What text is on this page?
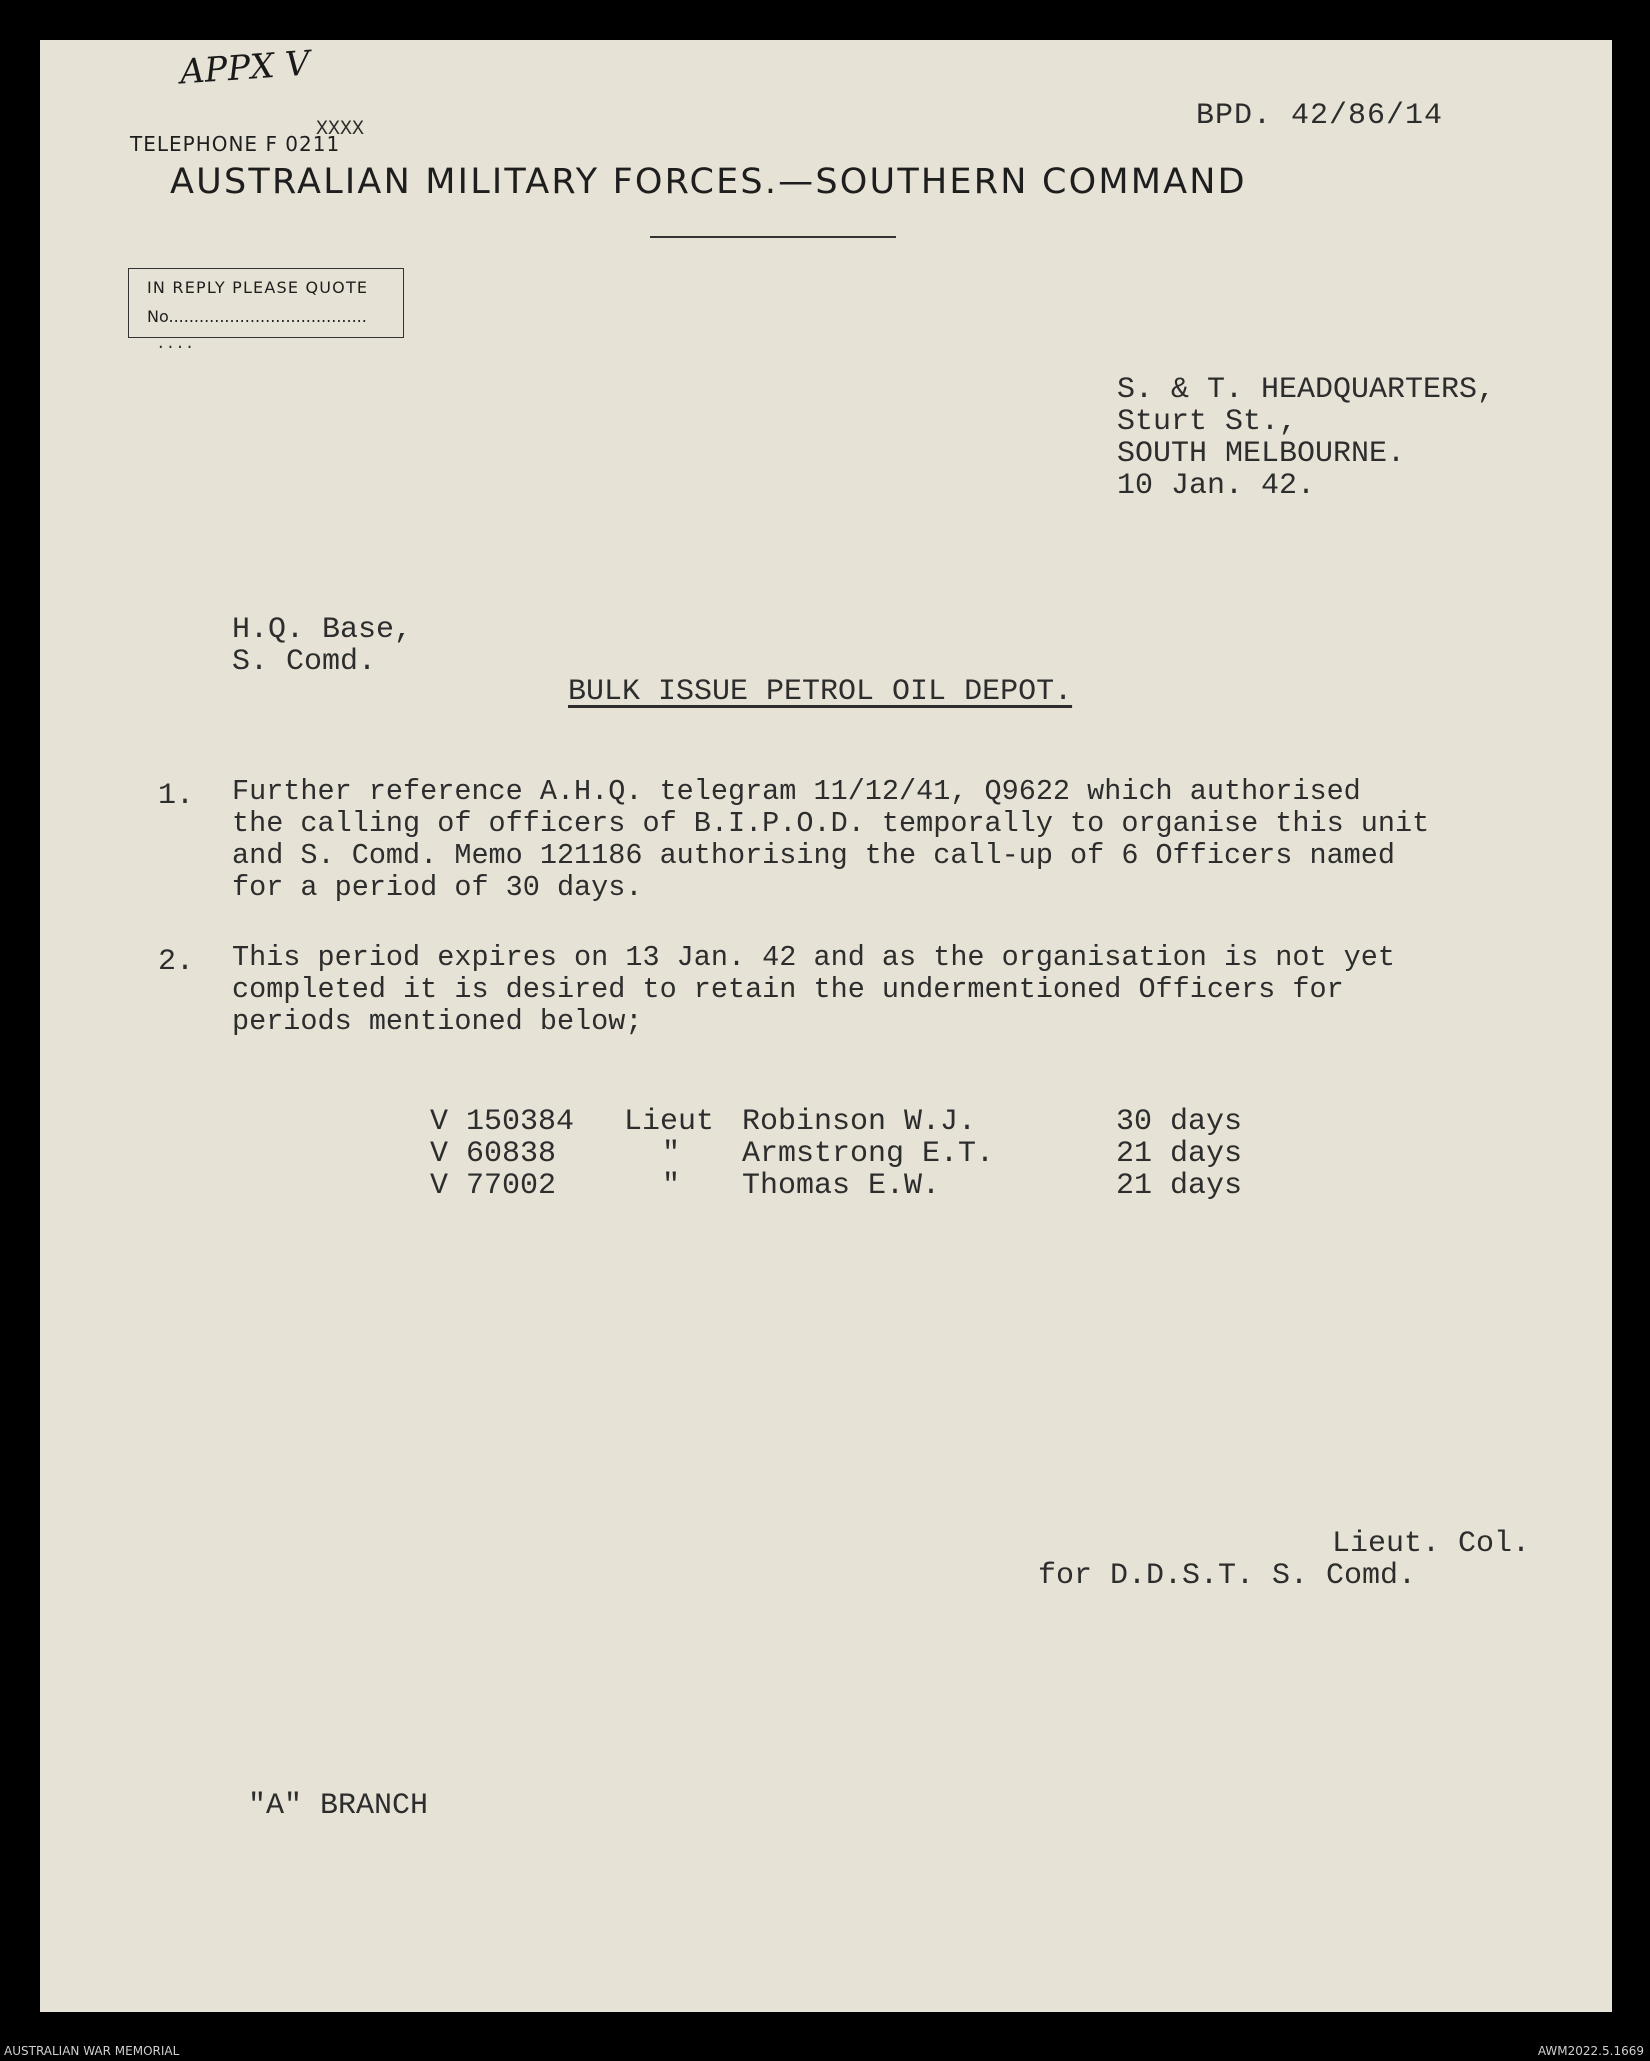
APPX V
BPD. 42/86/14
TELEPHONE F 0211
XXXX
AUSTRALIAN MILITARY FORCES.—SOUTHERN COMMAND
IN REPLY PLEASE QUOTE
No.......................................
....
S. & T. HEADQUARTERS,
Sturt St.,
SOUTH MELBOURNE.
10 Jan. 42.
H.Q. Base,
S. Comd.
BULK ISSUE PETROL OIL DEPOT.
1. Further reference A.H.Q. telegram 11/12/41, Q9622 which authorised
the calling of officers of B.I.P.O.D. temporally to organise this unit
and S. Comd. Memo 121186 authorising the call-up of 6 Officers named
for a period of 30 days.
2. This period expires on 13 Jan. 42 and as the organisation is not yet
completed it is desired to retain the undermentioned Officers for
periods mentioned below;
V 150384 Lieut Robinson W.J.	30 days
V 60838	" Armstrong E.T.	21 days
V 77002	" Thomas E.W.	21 days
Lieut. Col.
for D.D.S.T. S. Comd.
"A" BRANCH
AUSTRALIAN WAR MEMORIAL	AWM2022.5.1669
